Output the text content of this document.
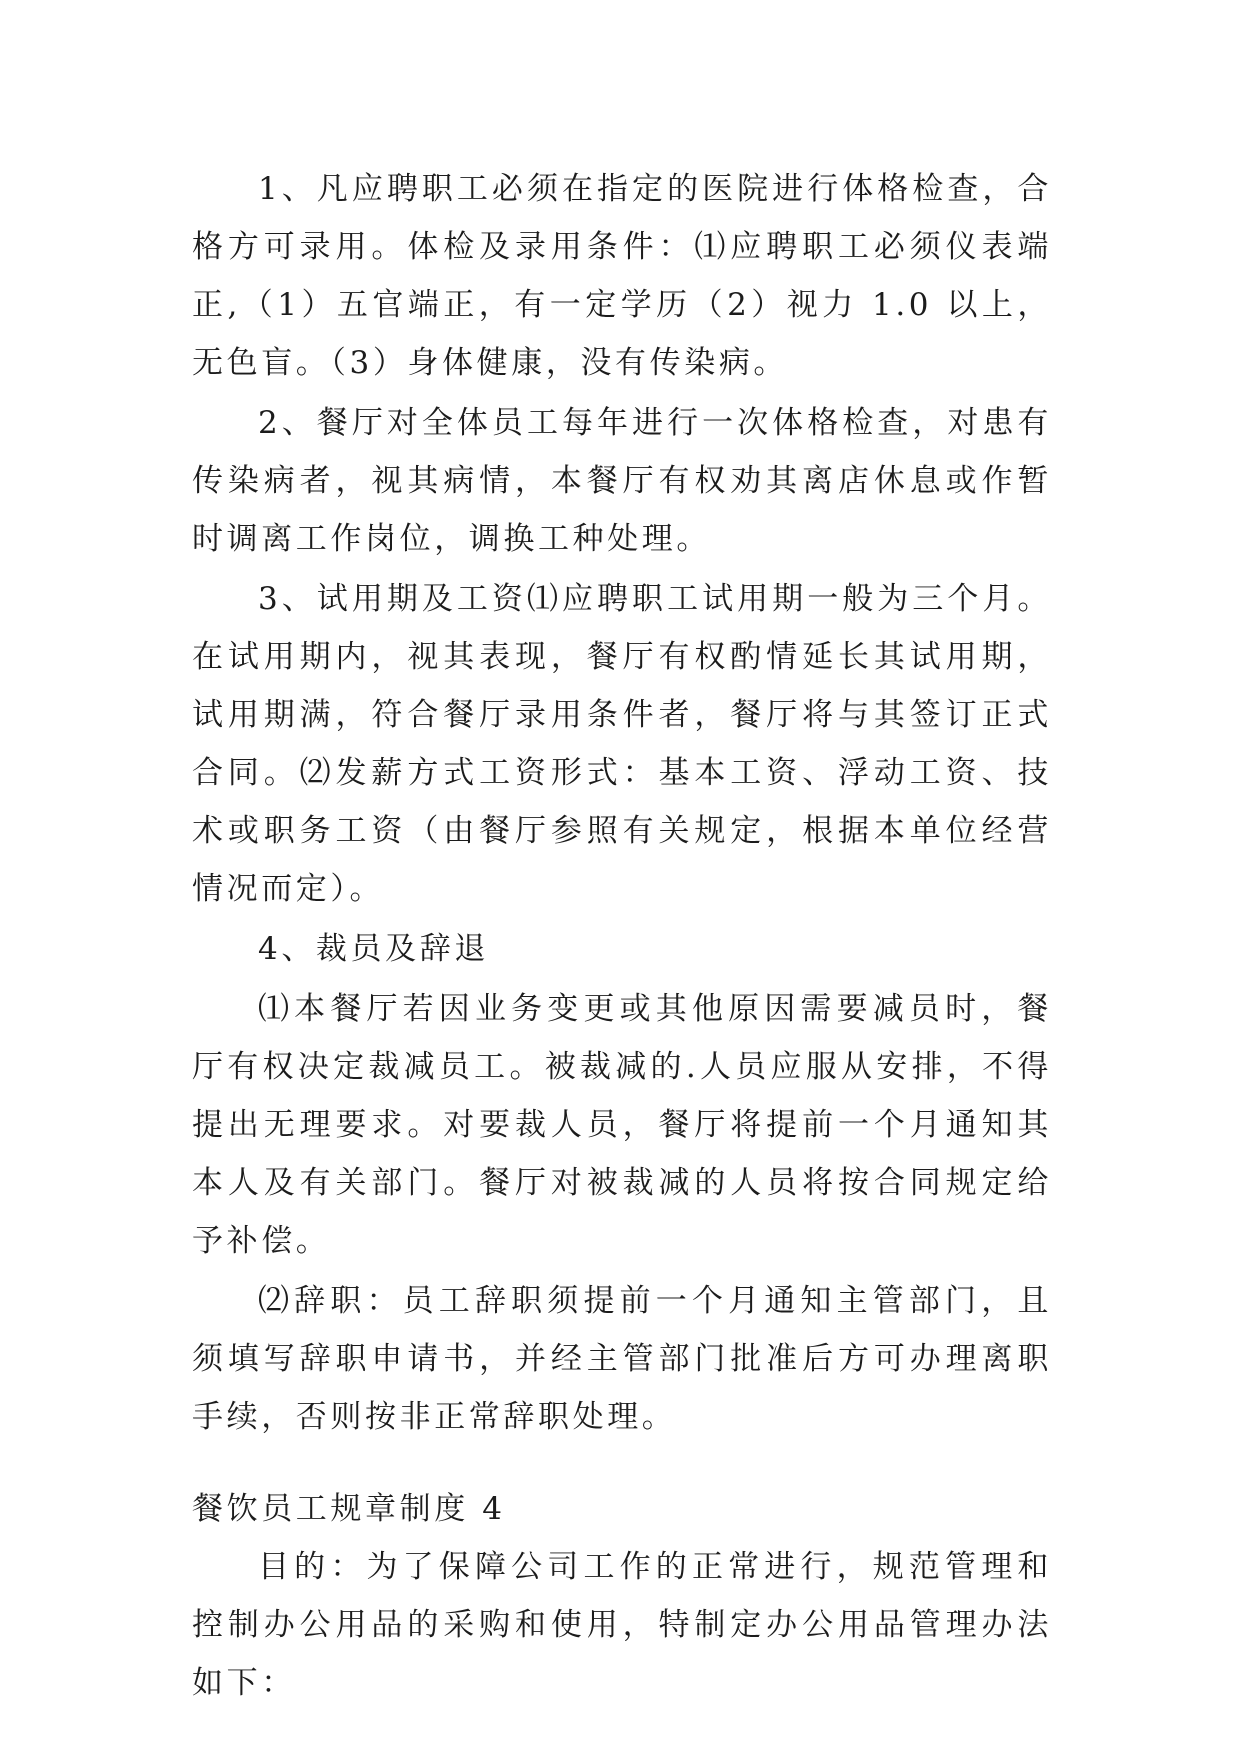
1、凡应聘职工必须在指定的医院进行体格检查，合格方可录用。体检及录用条件：⑴应聘职工必须仪表端正,（1）五官端正，有一定学历（2）视力 1.0 以上，无色盲。（3）身体健康，没有传染病。

2、餐厅对全体员工每年进行一次体格检查，对患有传染病者，视其病情，本餐厅有权劝其离店休息或作暂时调离工作岗位，调换工种处理。

3、试用期及工资⑴应聘职工试用期一般为三个月。在试用期内，视其表现，餐厅有权酌情延长其试用期，试用期满，符合餐厅录用条件者，餐厅将与其签订正式合同。⑵发薪方式工资形式：基本工资、浮动工资、技术或职务工资（由餐厅参照有关规定，根据本单位经营情况而定）。

4、裁员及辞退

⑴本餐厅若因业务变更或其他原因需要减员时，餐厅有权决定裁减员工。被裁减的.人员应服从安排，不得提出无理要求。对要裁人员，餐厅将提前一个月通知其本人及有关部门。餐厅对被裁减的人员将按合同规定给予补偿。

⑵辞职：员工辞职须提前一个月通知主管部门，且须填写辞职申请书，并经主管部门批准后方可办理离职手续，否则按非正常辞职处理。

餐饮员工规章制度 4

目的：为了保障公司工作的正常进行，规范管理和控制办公用品的采购和使用，特制定办公用品管理办法如下：
